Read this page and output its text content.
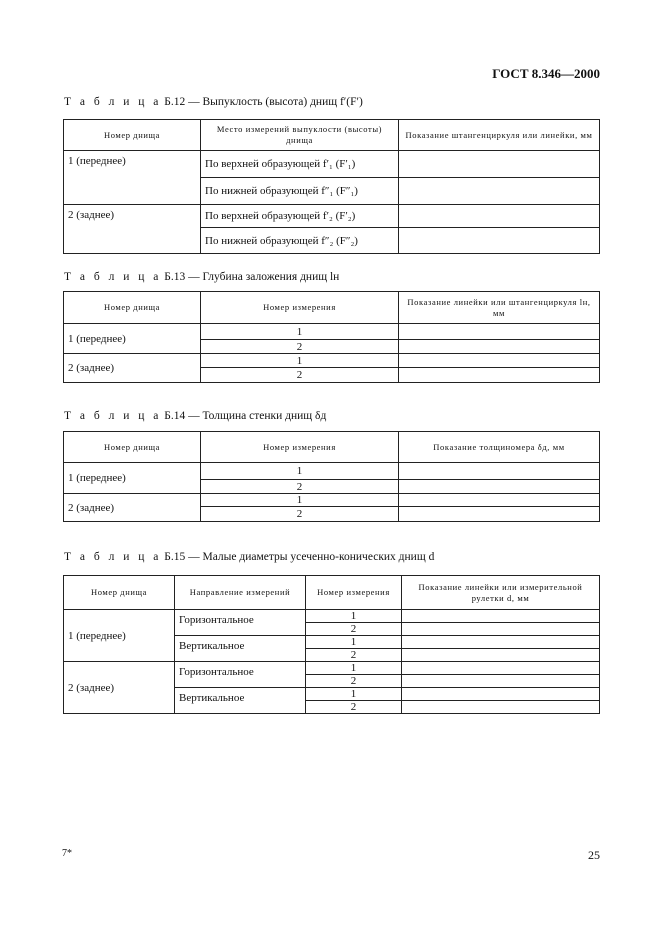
ГОСТ 8.346—2000
Т а б л и ц а Б.12 — Выпуклость (высота) днищ f′(F′)
Номер днища	Место измерений выпуклости (высоты) днища	Показание штангенциркуля или линейки, мм
1 (переднее)	По верхней образующей f′₁ (F′₁)	
	По нижней образующей f″₁ (F″₁)	
2 (заднее)	По верхней образующей f′₂ (F′₂)	
	По нижней образующей f″₂ (F″₂)	
Т а б л и ц а Б.13 — Глубина заложения днищ lн
Номер днища	Номер измерения	Показание линейки или штангенциркуля lн, мм
1 (переднее)	1	
	2	
2 (заднее)	1	
	2	
Т а б л и ц а Б.14 — Толщина стенки днищ δд
Номер днища	Номер измерения	Показание толщиномера δд, мм
1 (переднее)	1	
	2	
2 (заднее)	1	
	2	
Т а б л и ц а Б.15 — Малые диаметры усеченно-конических днищ d
Номер днища	Направление измерений	Номер измерения	Показание линейки или измерительной рулетки d, мм
1 (переднее)	Горизонтальное	1	
		2	
	Вертикальное	1	
		2	
2 (заднее)	Горизонтальное	1	
		2	
	Вертикальное	1	
		2	
7*	25
